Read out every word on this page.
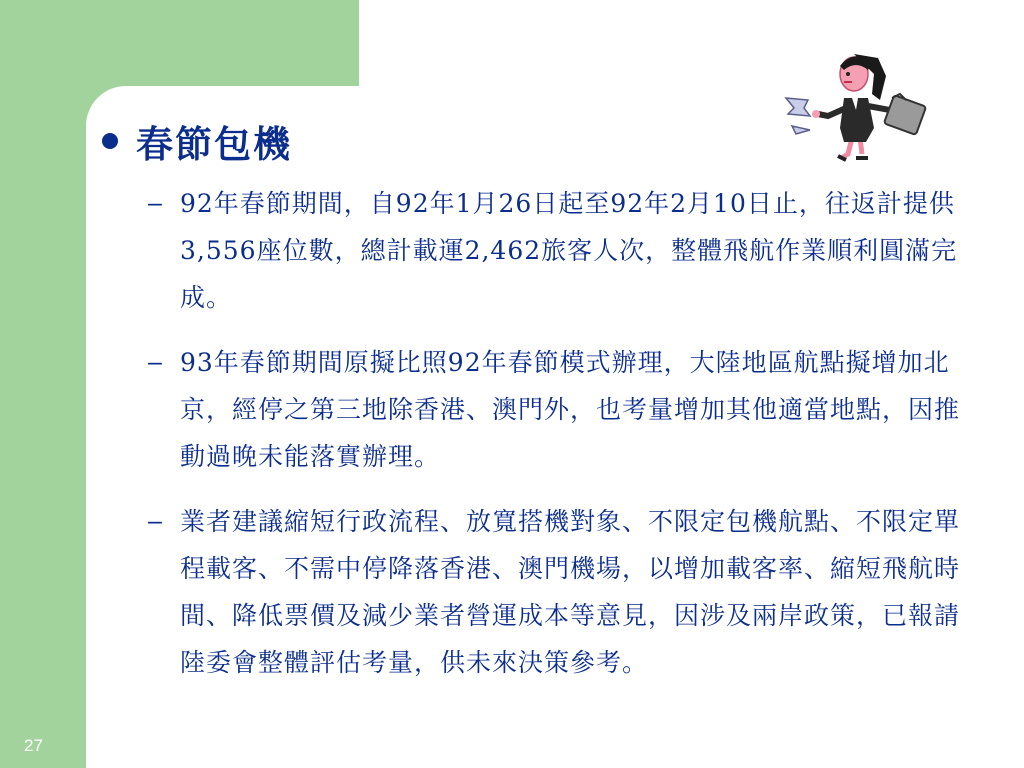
27
春節包機
– 92年春節期間，自92年1月26日起至92年2月10日止，往返計提供3,556座位數，總計載運2,462旅客人次，整體飛航作業順利圓滿完成。
– 93年春節期間原擬比照92年春節模式辦理，大陸地區航點擬增加北京，經停之第三地除香港、澳門外，也考量增加其他適當地點，因推動過晚未能落實辦理。
– 業者建議縮短行政流程、放寬搭機對象、不限定包機航點、不限定單程載客、不需中停降落香港、澳門機場，以增加載客率、縮短飛航時間、降低票價及減少業者營運成本等意見，因涉及兩岸政策，已報請陸委會整體評估考量，供未來決策參考。
